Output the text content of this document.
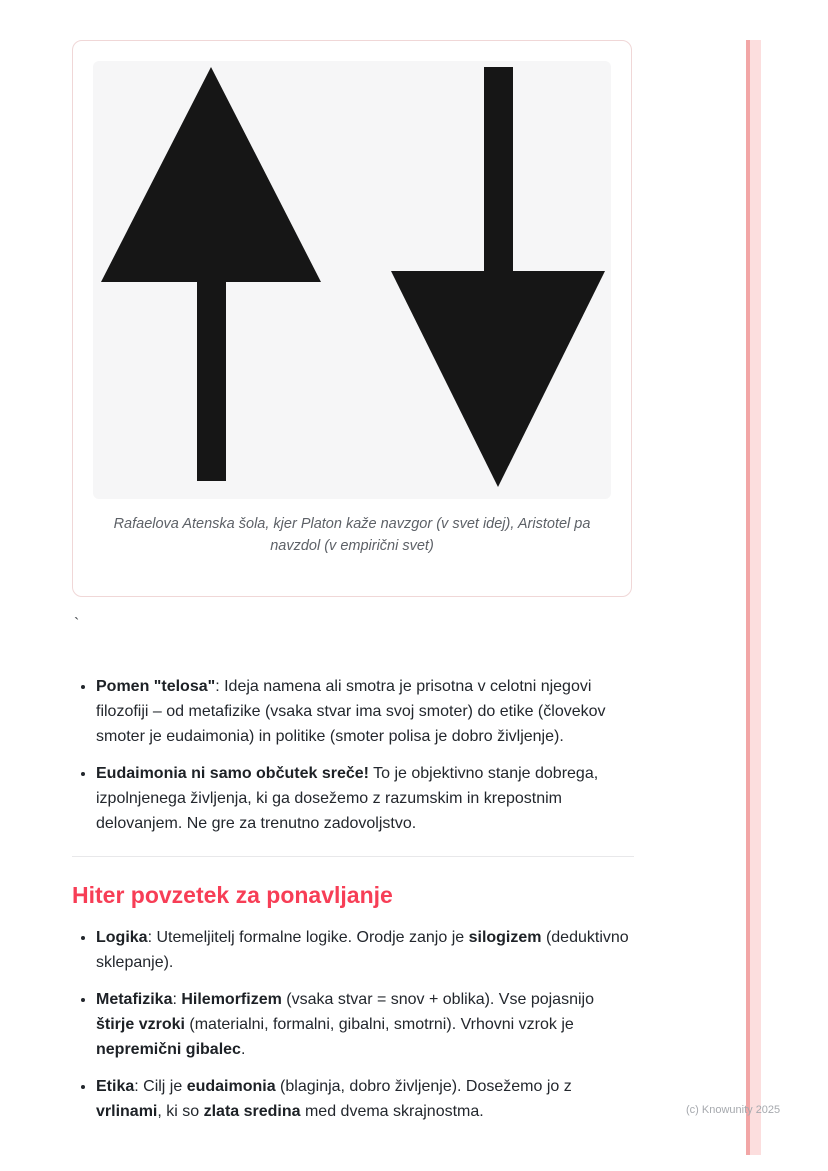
Rafaelova Atenska šola, kjer Platon kaže navzgor (v svet idej), Aristotel pa navzdol (v empirični svet)
`
• Pomen "telosa": Ideja namena ali smotra je prisotna v celotni njegovi filozofiji – od metafizike (vsaka stvar ima svoj smoter) do etike (človekov smoter je eudaimonia) in politike (smoter polisa je dobro življenje).
• Eudaimonia ni samo občutek sreče! To je objektivno stanje dobrega, izpolnjenega življenja, ki ga dosežemo z razumskim in krepostnim delovanjem. Ne gre za trenutno zadovoljstvo.
Hiter povzetek za ponavljanje
• Logika: Utemeljitelj formalne logike. Orodje zanjo je silogizem (deduktivno sklepanje).
• Metafizika: Hilemorfizem (vsaka stvar = snov + oblika). Vse pojasnijo štirje vzroki (materialni, formalni, gibalni, smotrni). Vrhovni vzrok je nepremični gibalec.
• Etika: Cilj je eudaimonia (blaginja, dobro življenje). Dosežemo jo z vrlinami, ki so zlata sredina med dvema skrajnostma.	(c) Knowunity 2025
